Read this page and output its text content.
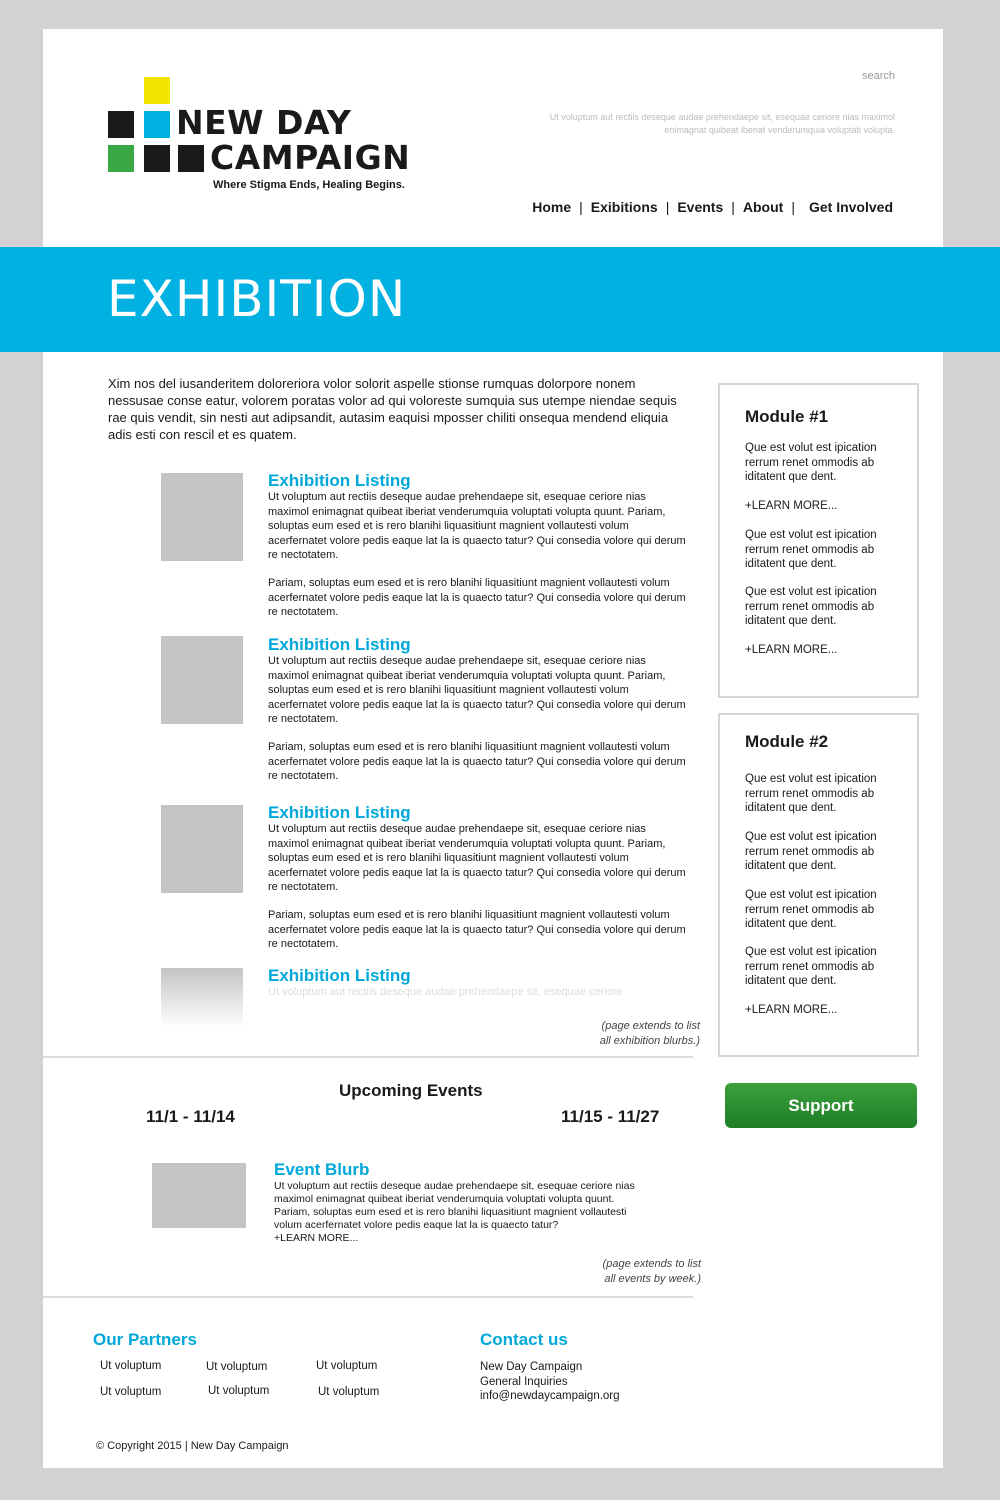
NEW DAY
CAMPAIGN
Where Stigma Ends, Healing Begins.
search
Ut voluptum aut rectiis deseque audae prehendaepe sit, esequae ceriore nias maximol enimagnat quibeat iberiat venderumquia voluptati volupta.
Home | Exibitions | Events | About | Get Involved
EXHIBITION

Xim nos del iusanderitem doloreriora volor solorit aspelle stionse rumquas dolorpore nonem nessusae conse eatur, volorem poratas volor ad qui voloreste sumquia sus utempe niendae sequis rae quis vendit, sin nesti aut adipsandit, autasim eaquisi mposser chiliti onsequa mendend eliquia adis esti con rescil et es quatem.

Exhibition Listing

Ut voluptum aut rectiis deseque audae prehendaepe sit, esequae ceriore nias maximol enimagnat quibeat iberiat venderumquia voluptati volupta quunt. Pariam, soluptas eum esed et is rero blanihi liquasitiunt magnient vollautesti volum acerfernatet volore pedis eaque lat la is quaecto tatur? Qui consedia volore qui derum re nectotatem.

Pariam, soluptas eum esed et is rero blanihi liquasitiunt magnient vollautesti volum acerfernatet volore pedis eaque lat la is quaecto tatur? Qui consedia volore qui derum re nectotatem.

Exhibition Listing

Ut voluptum aut rectiis deseque audae prehendaepe sit, esequae ceriore nias maximol enimagnat quibeat iberiat venderumquia voluptati volupta quunt. Pariam, soluptas eum esed et is rero blanihi liquasitiunt magnient vollautesti volum acerfernatet volore pedis eaque lat la is quaecto tatur? Qui consedia volore qui derum re nectotatem.

Pariam, soluptas eum esed et is rero blanihi liquasitiunt magnient vollautesti volum acerfernatet volore pedis eaque lat la is quaecto tatur? Qui consedia volore qui derum re nectotatem.

Exhibition Listing

Ut voluptum aut rectiis deseque audae prehendaepe sit, esequae ceriore nias maximol enimagnat quibeat iberiat venderumquia voluptati volupta quunt. Pariam, soluptas eum esed et is rero blanihi liquasitiunt magnient vollautesti volum acerfernatet volore pedis eaque lat la is quaecto tatur? Qui consedia volore qui derum re nectotatem.

Pariam, soluptas eum esed et is rero blanihi liquasitiunt magnient vollautesti volum acerfernatet volore pedis eaque lat la is quaecto tatur? Qui consedia volore qui derum re nectotatem.

Exhibition Listing

Ut voluptum aut rectiis deseque audae prehendaepe sit, esequae ceriore

(page extends to list
all exhibition blurbs.)
Module #1

Que est volut est ipication rerrum renet ommodis ab iditatent que dent.

+LEARN MORE...

Que est volut est ipication rerrum renet ommodis ab iditatent que dent.

Que est volut est ipication rerrum renet ommodis ab iditatent que dent.

+LEARN MORE...

Module #2

Que est volut est ipication rerrum renet ommodis ab iditatent que dent.

Que est volut est ipication rerrum renet ommodis ab iditatent que dent.

Que est volut est ipication rerrum renet ommodis ab iditatent que dent.

Que est volut est ipication rerrum renet ommodis ab iditatent que dent.

+LEARN MORE...

Support
Upcoming Events
11/1 - 11/14	11/15 - 11/27
Event Blurb

Ut voluptum aut rectiis deseque audae prehendaepe sit, esequae ceriore nias maximol enimagnat quibeat iberiat venderumquia voluptati volupta quunt. Pariam, soluptas eum esed et is rero blanihi liquasitiunt magnient vollautesti volum acerfernatet volore pedis eaque lat la is quaecto tatur?
+LEARN MORE...

(page extends to list
all events by week.)
Our Partners
Ut voluptum	Ut voluptum	Ut voluptum
Ut voluptum	Ut voluptum	Ut voluptum
Contact us
New Day Campaign
General Inquiries
info@newdaycampaign.org
© Copyright 2015 | New Day Campaign
